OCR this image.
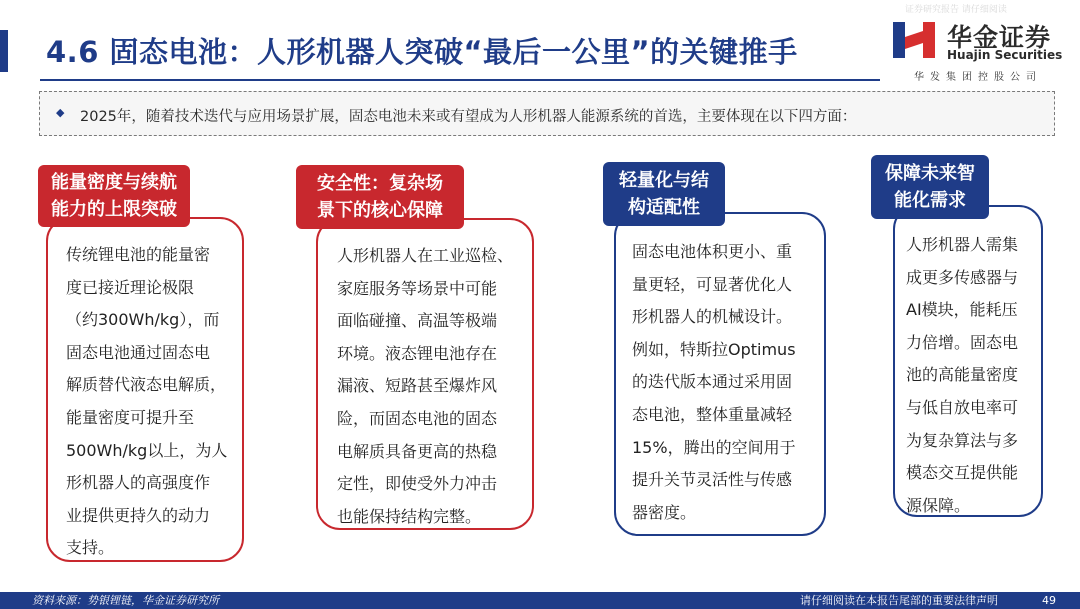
4.6 固态电池：人形机器人突破“最后一公里”的关键推手
证券研究报告 请仔细阅读
华金证券
Huajin Securities
华发集团控股公司
◆ 2025年，随着技术迭代与应用场景扩展，固态电池未来或有望成为人形机器人能源系统的首选，主要体现在以下四方面：
传统锂电池的能量密
度已接近理论极限
（约300Wh/kg），而
固态电池通过固态电
解质替代液态电解质，
能量密度可提升至
500Wh/kg以上，为人
形机器人的高强度作
业提供更持久的动力
支持。
能量密度与续航
能力的上限突破
人形机器人在工业巡检、
家庭服务等场景中可能
面临碰撞、高温等极端
环境。液态锂电池存在
漏液、短路甚至爆炸风
险，而固态电池的固态
电解质具备更高的热稳
定性，即使受外力冲击
也能保持结构完整。
安全性：复杂场
景下的核心保障
固态电池体积更小、重
量更轻，可显著优化人
形机器人的机械设计。
例如，特斯拉Optimus
的迭代版本通过采用固
态电池，整体重量减轻
15%，腾出的空间用于
提升关节灵活性与传感
器密度。
轻量化与结
构适配性
人形机器人需集
成更多传感器与
AI模块，能耗压
力倍增。固态电
池的高能量密度
与低自放电率可
为复杂算法与多
模态交互提供能
源保障。
保障未来智
能化需求
资料来源：势银锂链，华金证券研究所	请仔细阅读在本报告尾部的重要法律声明	49
